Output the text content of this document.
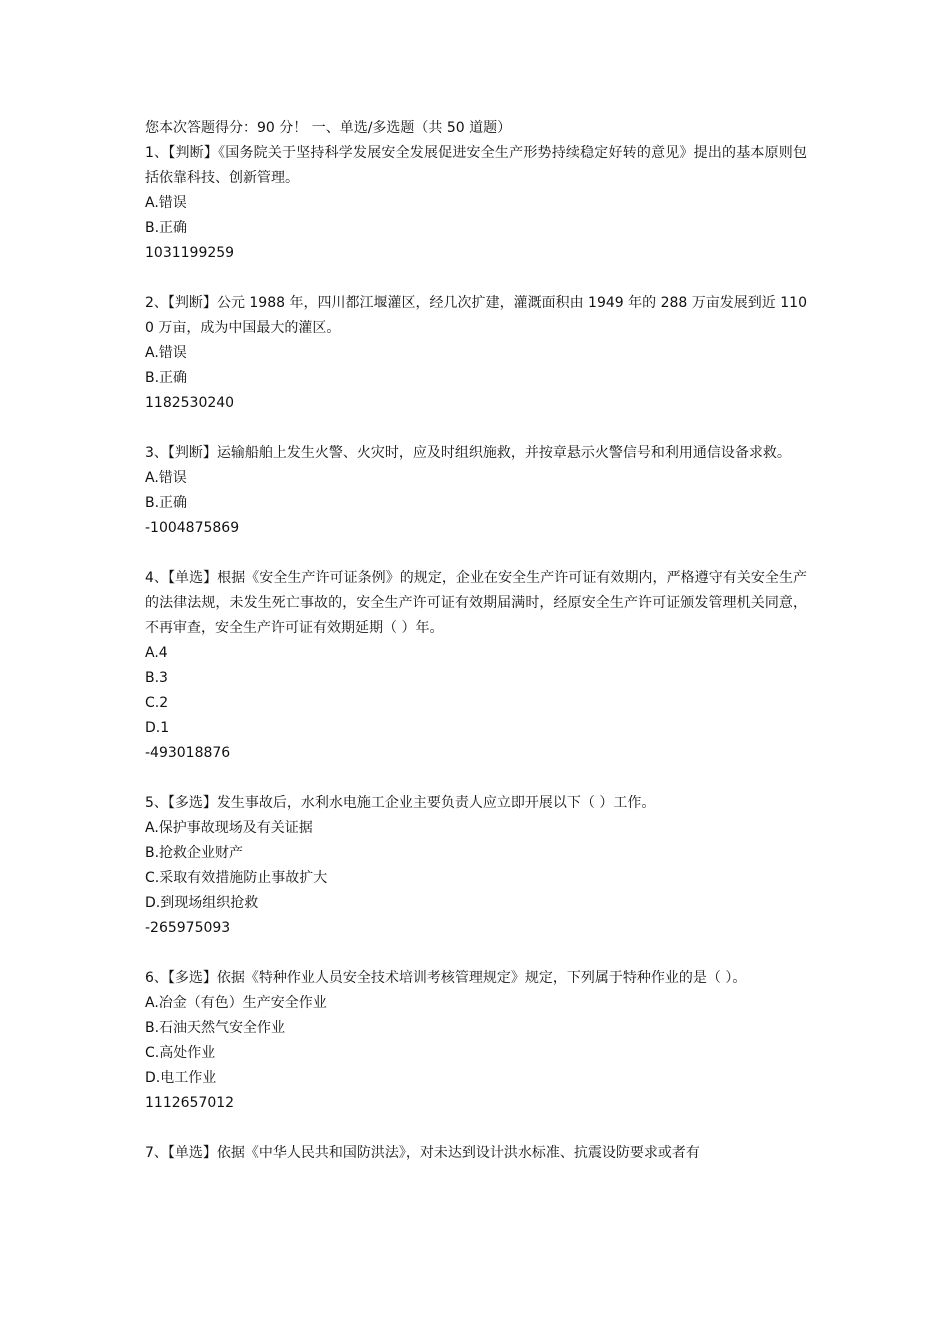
您本次答题得分：90 分！ 一、单选/多选题（共 50 道题）

1、【判断】《国务院关于坚持科学发展安全发展促进安全生产形势持续稳定好转的意见》提出的基本原则包括依靠科技、创新管理。

A.错误

B.正确

1031199259

2、【判断】公元 1988 年，四川都江堰灌区，经几次扩建，灌溉面积由 1949 年的 288 万亩发展到近 1100 万亩，成为中国最大的灌区。

A.错误

B.正确

1182530240

3、【判断】运输船舶上发生火警、火灾时，应及时组织施救，并按章悬示火警信号和利用通信设备求救。

A.错误

B.正确

-1004875869

4、【单选】根据《安全生产许可证条例》的规定，企业在安全生产许可证有效期内，严格遵守有关安全生产的法律法规，未发生死亡事故的，安全生产许可证有效期届满时，经原安全生产许可证颁发管理机关同意，不再审查，安全生产许可证有效期延期（ ）年。

A.4

B.3

C.2

D.1

-493018876

5、【多选】发生事故后，水利水电施工企业主要负责人应立即开展以下（ ）工作。

A.保护事故现场及有关证据

B.抢救企业财产

C.采取有效措施防止事故扩大

D.到现场组织抢救

-265975093

6、【多选】依据《特种作业人员安全技术培训考核管理规定》规定，下列属于特种作业的是（ ）。

A.冶金（有色）生产安全作业

B.石油天然气安全作业

C.高处作业

D.电工作业

1112657012

7、【单选】依据《中华人民共和国防洪法》，对未达到设计洪水标准、抗震设防要求或者有
